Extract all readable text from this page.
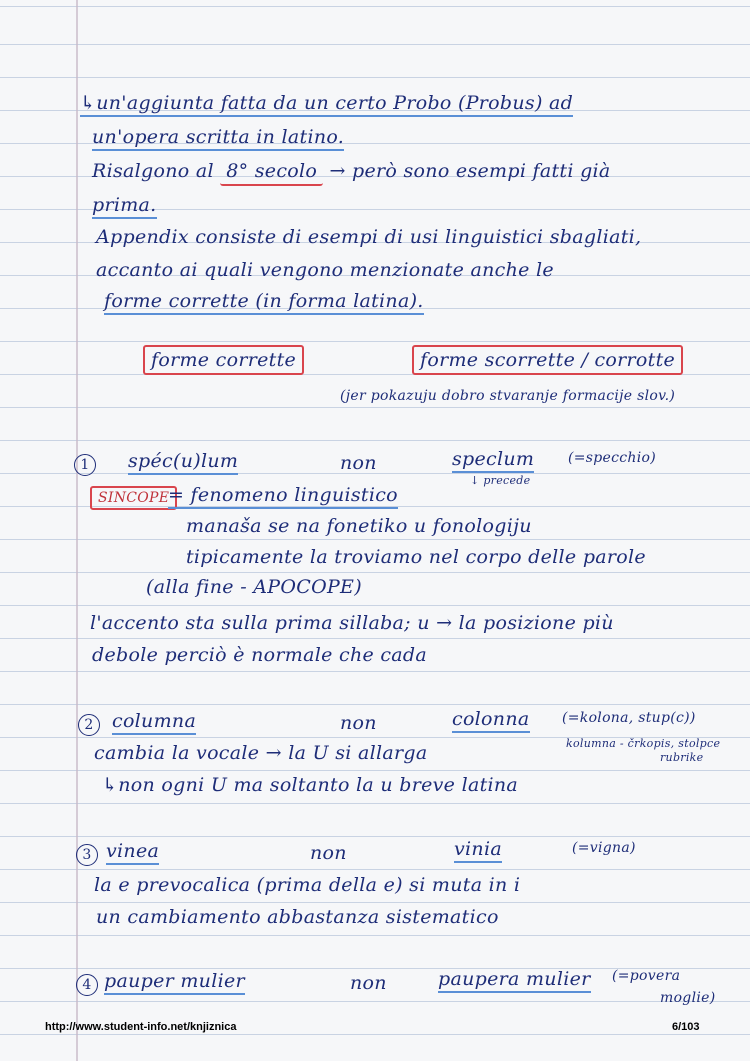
↳un'aggiunta fatta da un certo Probo (Probus) ad
un'opera scritta in latino.
Risalgono al 8° secolo → però sono esempi fatti già
prima.
Appendix consiste di esempi di usi linguistici sbagliati,
accanto ai quali vengono menzionate anche le
forme corrette (in forma latina).
forme corrette	forme scorrette / corrotte
(jer pokazuju dobro stvaranje formacije slov.)
1	spéc(u)lum	non	speclum
↓ precede
(=specchio)
SINCOPE
= fenomeno linguistico
manaša se na fonetiko u fonologiju
tipicamente la troviamo nel corpo delle parole
(alla fine - APOCOPE)
l'accento sta sulla prima sillaba; u → la posizione più
debole perciò è normale che cada
2 columna	non	colonna (=kolona, stup(c))
kolumna - črkopis, stolpce
rubrike
cambia la vocale → la U si allarga
↳non ogni U ma soltanto la u breve latina
3 vinea	non	vinia	(=vigna)
la e prevocalica (prima della e) si muta in i
un cambiamento abbastanza sistematico
4 pauper mulier	non	paupera mulier (=povera
moglie)
http://www.student-info.net/knjiznica	6/103
